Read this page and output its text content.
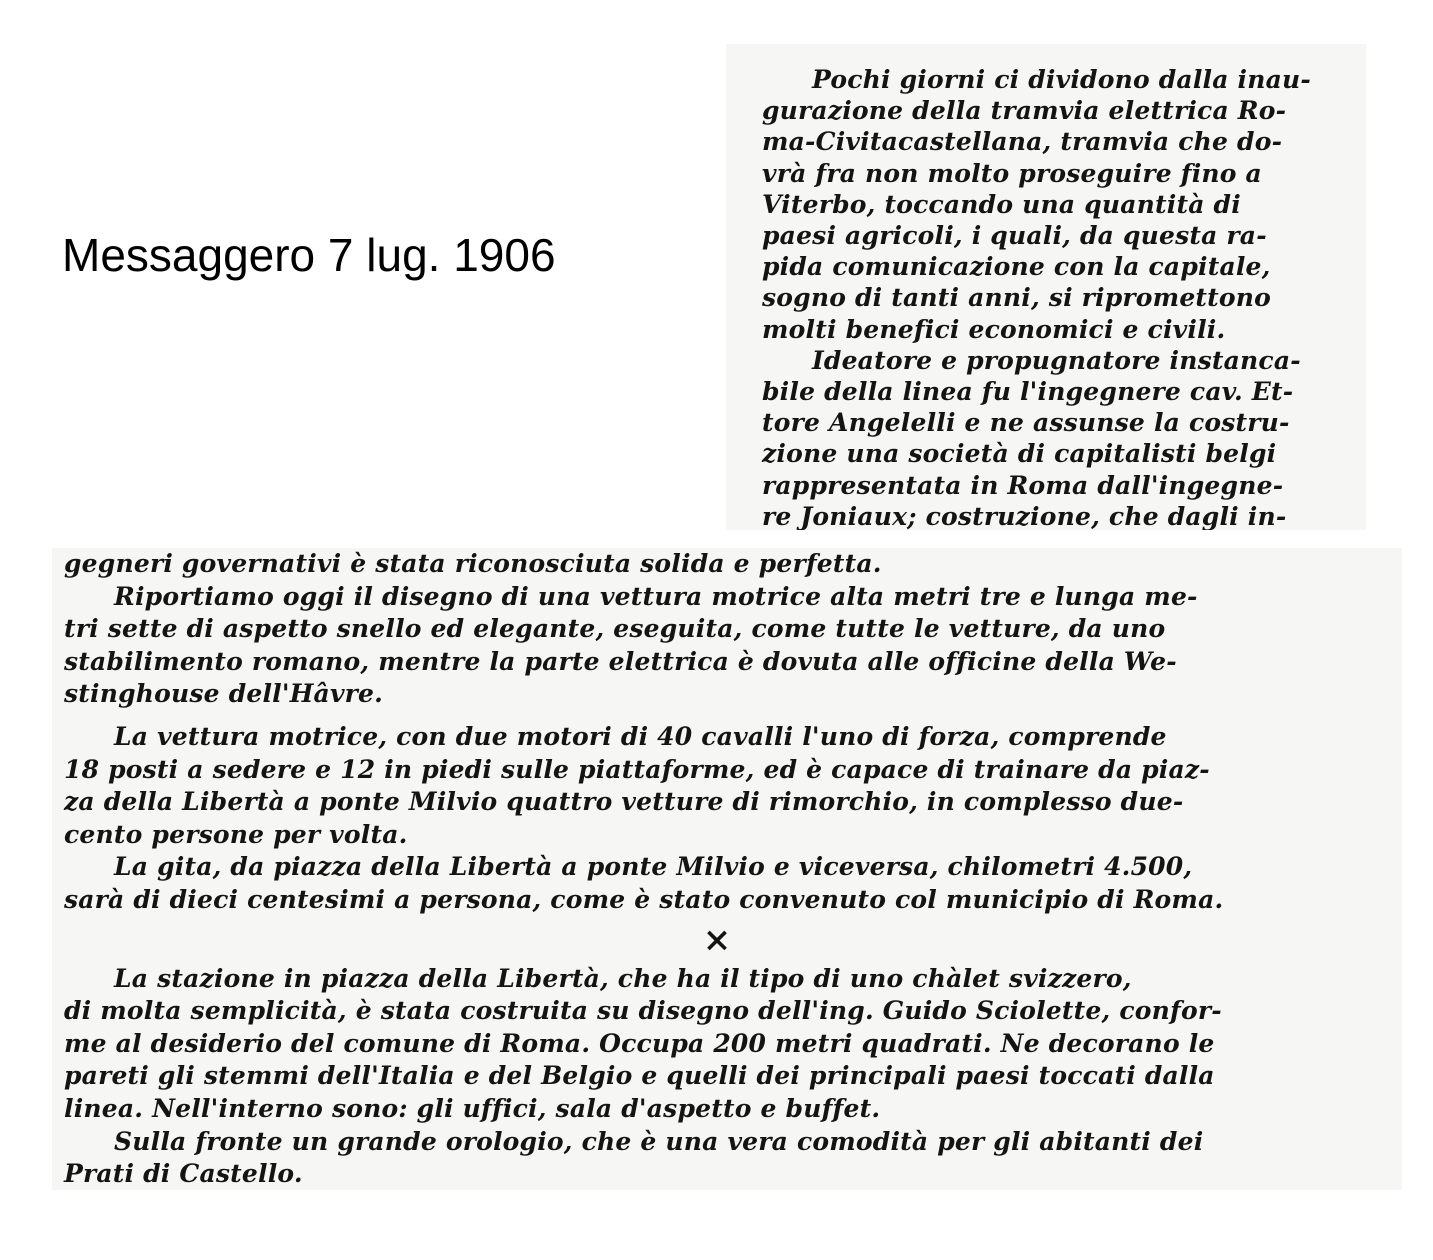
Messaggero 7 lug. 1906
Pochi giorni ci dividono dalla inau-
gurazione della tramvia elettrica Ro-
ma-Civitacastellana, tramvia che do-
vrà fra non molto proseguire fino a
Viterbo, toccando una quantità di
paesi agricoli, i quali, da questa ra-
pida comunicazione con la capitale,
sogno di tanti anni, si ripromettono
molti benefici economici e civili.
Ideatore e propugnatore instanca-
bile della linea fu l'ingegnere cav. Et-
tore Angelelli e ne assunse la costru-
zione una società di capitalisti belgi
rappresentata in Roma dall'ingegne-
re Joniaux; costruzione, che dagli in-
gegneri governativi è stata riconosciuta solida e perfetta.
Riportiamo oggi il disegno di una vettura motrice alta metri tre e lunga me-
tri sette di aspetto snello ed elegante, eseguita, come tutte le vetture, da uno
stabilimento romano, mentre la parte elettrica è dovuta alle officine della We-
stinghouse dell'Hâvre.
La vettura motrice, con due motori di 40 cavalli l'uno di forza, comprende
18 posti a sedere e 12 in piedi sulle piattaforme, ed è capace di trainare da piaz-
za della Libertà a ponte Milvio quattro vetture di rimorchio, in complesso due-
cento persone per volta.
La gita, da piazza della Libertà a ponte Milvio e viceversa, chilometri 4.500,
sarà di dieci centesimi a persona, come è stato convenuto col municipio di Roma.
×
La stazione in piazza della Libertà, che ha il tipo di uno chàlet svizzero,
di molta semplicità, è stata costruita su disegno dell'ing. Guido Sciolette, confor-
me al desiderio del comune di Roma. Occupa 200 metri quadrati. Ne decorano le
pareti gli stemmi dell'Italia e del Belgio e quelli dei principali paesi toccati dalla
linea. Nell'interno sono: gli uffici, sala d'aspetto e buffet.
Sulla fronte un grande orologio, che è una vera comodità per gli abitanti dei
Prati di Castello.
